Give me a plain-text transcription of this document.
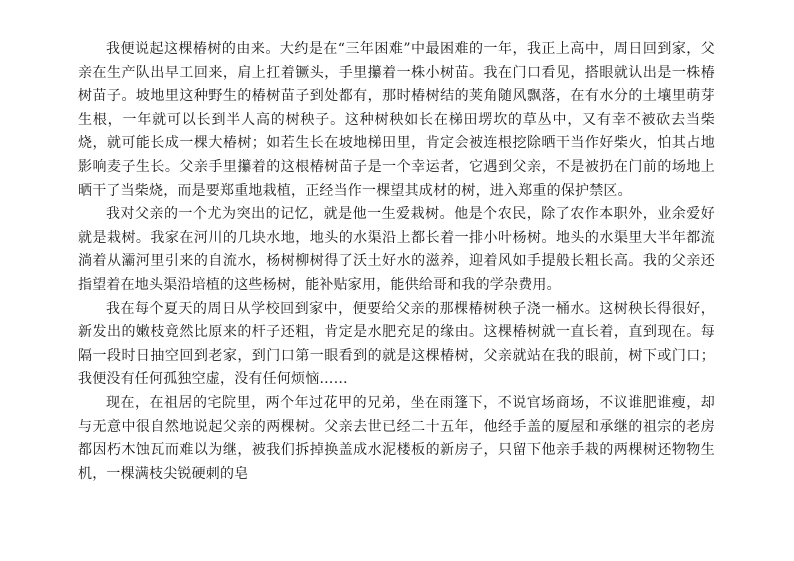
我便说起这棵椿树的由来。大约是在“三年困难”中最困难的一年，我正上高中，周日回到家，父亲在生产队出早工回来，肩上扛着镢头，手里攥着一株小树苗。我在门口看见，搭眼就认出是一株椿树苗子。坡地里这种野生的椿树苗子到处都有，那时椿树结的荚角随风飘落，在有水分的土壤里萌芽生根，一年就可以长到半人高的树秧子。这种树秧如长在梯田塄坎的草丛中，又有幸不被砍去当柴烧，就可能长成一棵大椿树；如若生长在坡地梯田里，肯定会被连根挖除晒干当作好柴火，怕其占地影响麦子生长。父亲手里攥着的这根椿树苗子是一个幸运者，它遇到父亲，不是被扔在门前的场地上晒干了当柴烧，而是要郑重地栽植，正经当作一棵望其成材的树，进入郑重的保护禁区。

我对父亲的一个尤为突出的记忆，就是他一生爱栽树。他是个农民，除了农作本职外，业余爱好就是栽树。我家在河川的几块水地，地头的水渠沿上都长着一排小叶杨树。地头的水渠里大半年都流淌着从灞河里引来的自流水，杨树柳树得了沃土好水的滋养，迎着风如手提般长粗长高。我的父亲还指望着在地头渠沿培植的这些杨树，能补贴家用，能供给哥和我的学杂费用。

我在每个夏天的周日从学校回到家中，便要给父亲的那棵椿树秧子浇一桶水。这树秧长得很好，新发出的嫩枝竟然比原来的杆子还粗，肯定是水肥充足的缘由。这棵椿树就一直长着，直到现在。每隔一段时日抽空回到老家，到门口第一眼看到的就是这棵椿树，父亲就站在我的眼前，树下或门口；我便没有任何孤独空虚，没有任何烦恼……

现在，在祖居的宅院里，两个年过花甲的兄弟，坐在雨篷下，不说官场商场，不议谁肥谁瘦，却与无意中很自然地说起父亲的两棵树。父亲去世已经二十五年，他经手盖的厦屋和承继的祖宗的老房都因朽木蚀瓦而难以为继，被我们拆掉换盖成水泥楼板的新房子，只留下他亲手栽的两棵树还物物生机，一棵满枝尖锐硬刺的皂
